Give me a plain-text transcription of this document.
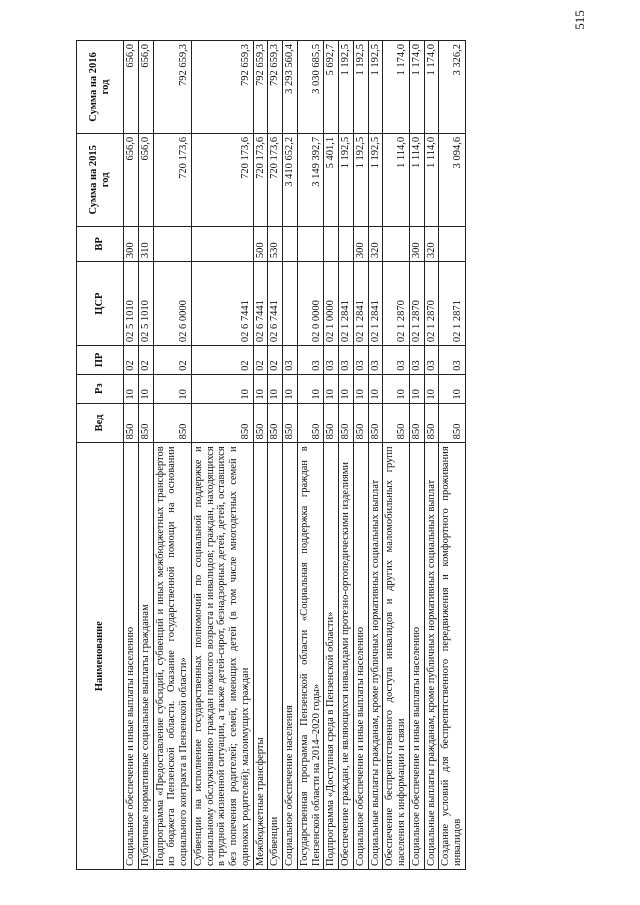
515
Наименование	Вед	Рз	ПР	ЦСР	ВР	Сумма на 2015 год	Сумма на 2016 год
Социальное обеспечение и иные выплаты населению	850	10	02	02 5 1010	300	656,0	656,0
Публичные нормативные социальные выплаты гражданам	850	10	02	02 5 1010	310	656,0	656,0
Подпрограмма «Предоставление субсидий, субвенций и иных межбюджетных трансфертов из бюджета Пензенской области. Оказание государственной помощи на основании социального контракта в Пензенской области»	850	10	02	02 6 0000		720 173,6	792 659,3
Субвенции на исполнение государственных полномочий по социальной поддержке и социальному обслуживанию граждан пожилого возраста и инвалидов; граждан, находящихся в трудной жизненной ситуации, а также детей-сирот, безнадзорных детей, детей, оставшихся без попечения родителей; семей, имеющих детей (в том числе многодетных семей и одиноких родителей); малоимущих граждан	850	10	02	02 6 7441		720 173,6	792 659,3
Межбюджетные трансферты	850	10	02	02 6 7441	500	720 173,6	792 659,3
Субвенции	850	10	02	02 6 7441	530	720 173,6	792 659,3
Социальное обеспечение населения	850	10	03			3 410 652,2	3 293 560,4
Государственная программа Пензенской области «Социальная поддержка граждан в Пензенской области на 2014–2020 годы»	850	10	03	02 0 0000		3 149 392,7	3 030 685,5
Подпрограмма «Доступная среда в Пензенской области»	850	10	03	02 1 0000		5 401,1	5 692,7
Обеспечение граждан, не являющихся инвалидами протезно-ортопедическими изделиями	850	10	03	02 1 2841		1 192,5	1 192,5
Социальное обеспечение и иные выплаты населению	850	10	03	02 1 2841	300	1 192,5	1 192,5
Социальные выплаты гражданам, кроме публичных нормативных социальных выплат	850	10	03	02 1 2841	320	1 192,5	1 192,5
Обеспечение беспрепятственного доступа инвалидов и других маломобильных групп населения к информации и связи	850	10	03	02 1 2870		1 114,0	1 174,0
Социальное обеспечение и иные выплаты населению	850	10	03	02 1 2870	300	1 114,0	1 174,0
Социальные выплаты гражданам, кроме публичных нормативных социальных выплат	850	10	03	02 1 2870	320	1 114,0	1 174,0
Создание условий для беспрепятственного передвижения и комфортного проживания инвалидов	850	10	03	02 1 2871		3 094,6	3 326,2
